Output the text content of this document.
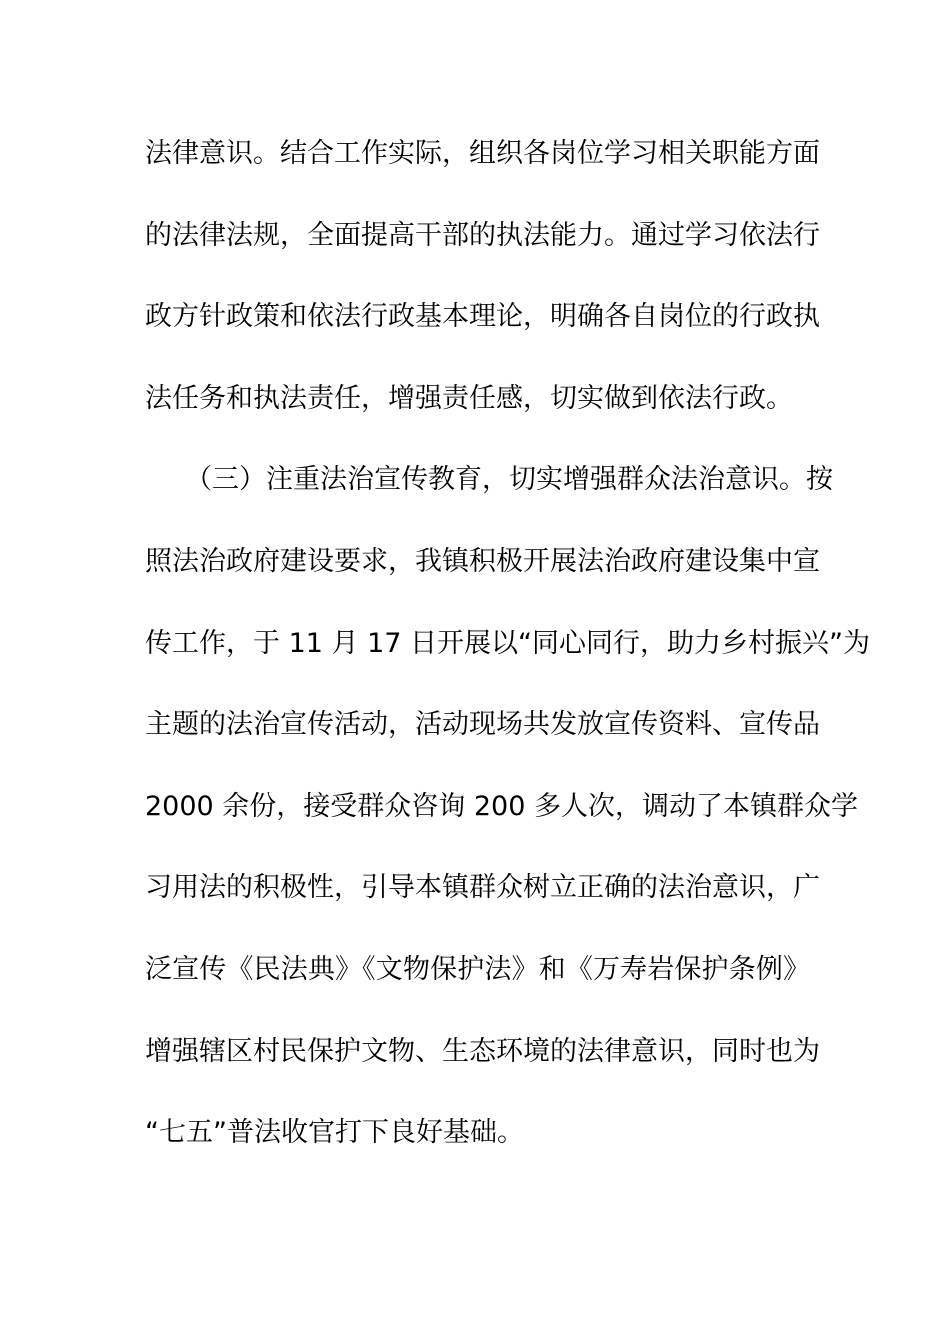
法律意识。结合工作实际，组织各岗位学习相关职能方面
的法律法规，全面提高干部的执法能力。通过学习依法行
政方针政策和依法行政基本理论，明确各自岗位的行政执
法任务和执法责任，增强责任感，切实做到依法行政。
（三）注重法治宣传教育，切实增强群众法治意识。按
照法治政府建设要求，我镇积极开展法治政府建设集中宣
传工作，于 11 月 17 日开展以“同心同行，助力乡村振兴”为
主题的法治宣传活动，活动现场共发放宣传资料、宣传品
2000 余份，接受群众咨询 200 多人次，调动了本镇群众学
习用法的积极性，引导本镇群众树立正确的法治意识，广
泛宣传《民法典》《文物保护法》和《万寿岩保护条例》
增强辖区村民保护文物、生态环境的法律意识，同时也为
“七五”普法收官打下良好基础。
